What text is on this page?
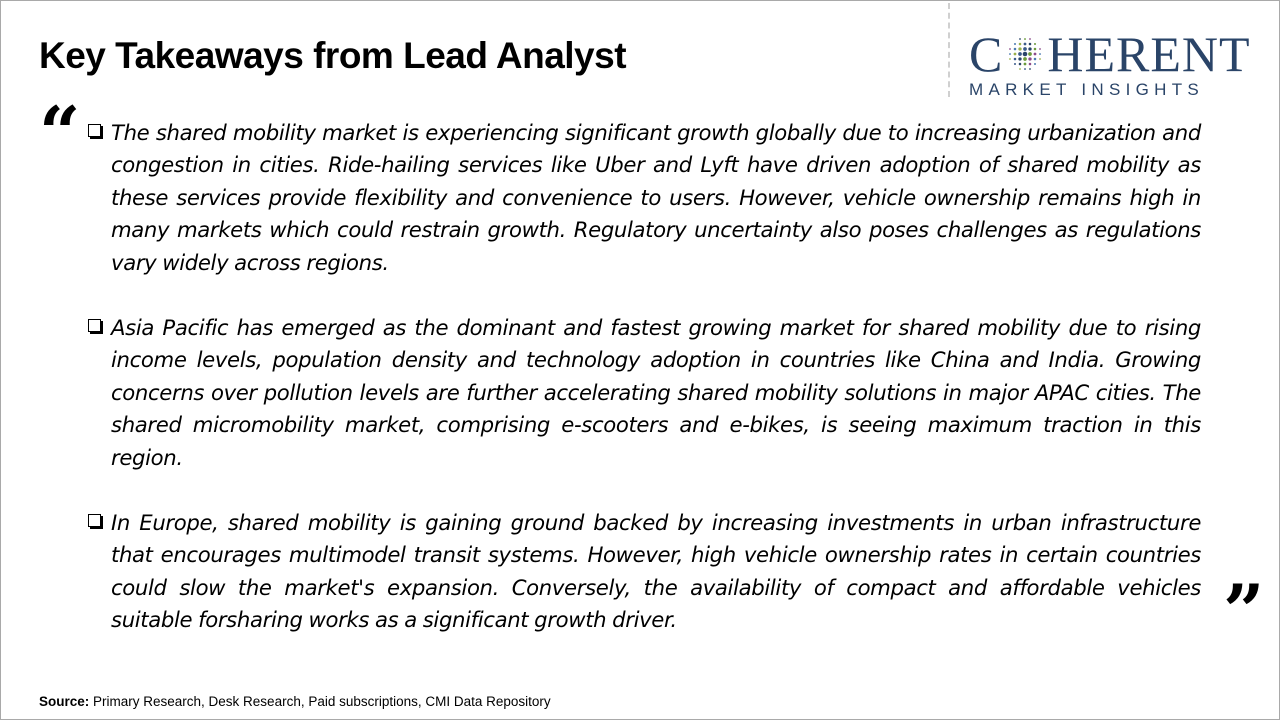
Key Takeaways from Lead Analyst	C HERENT
MARKET INSIGHTS
“ The shared mobility market is experiencing significant growth globally due to increasing urbanization and congestion in cities. Ride-hailing services like Uber and Lyft have driven adoption of shared mobility as these services provide flexibility and convenience to users. However, vehicle ownership remains high in many markets which could restrain growth. Regulatory uncertainty also poses challenges as regulations vary widely across regions.
Asia Pacific has emerged as the dominant and fastest growing market for shared mobility due to rising income levels, population density and technology adoption in countries like China and India. Growing concerns over pollution levels are further accelerating shared mobility solutions in major APAC cities. The shared micromobility market, comprising e-scooters and e-bikes, is seeing maximum traction in this region.
In Europe, shared mobility is gaining ground backed by increasing investments in urban infrastructure that encourages multimodel transit systems. However, high vehicle ownership rates in certain countries could slow the market's expansion. Conversely, the availability of compact and affordable vehicles suitable forsharing works as a significant growth driver.	”
Source: Primary Research, Desk Research, Paid subscriptions, CMI Data Repository
